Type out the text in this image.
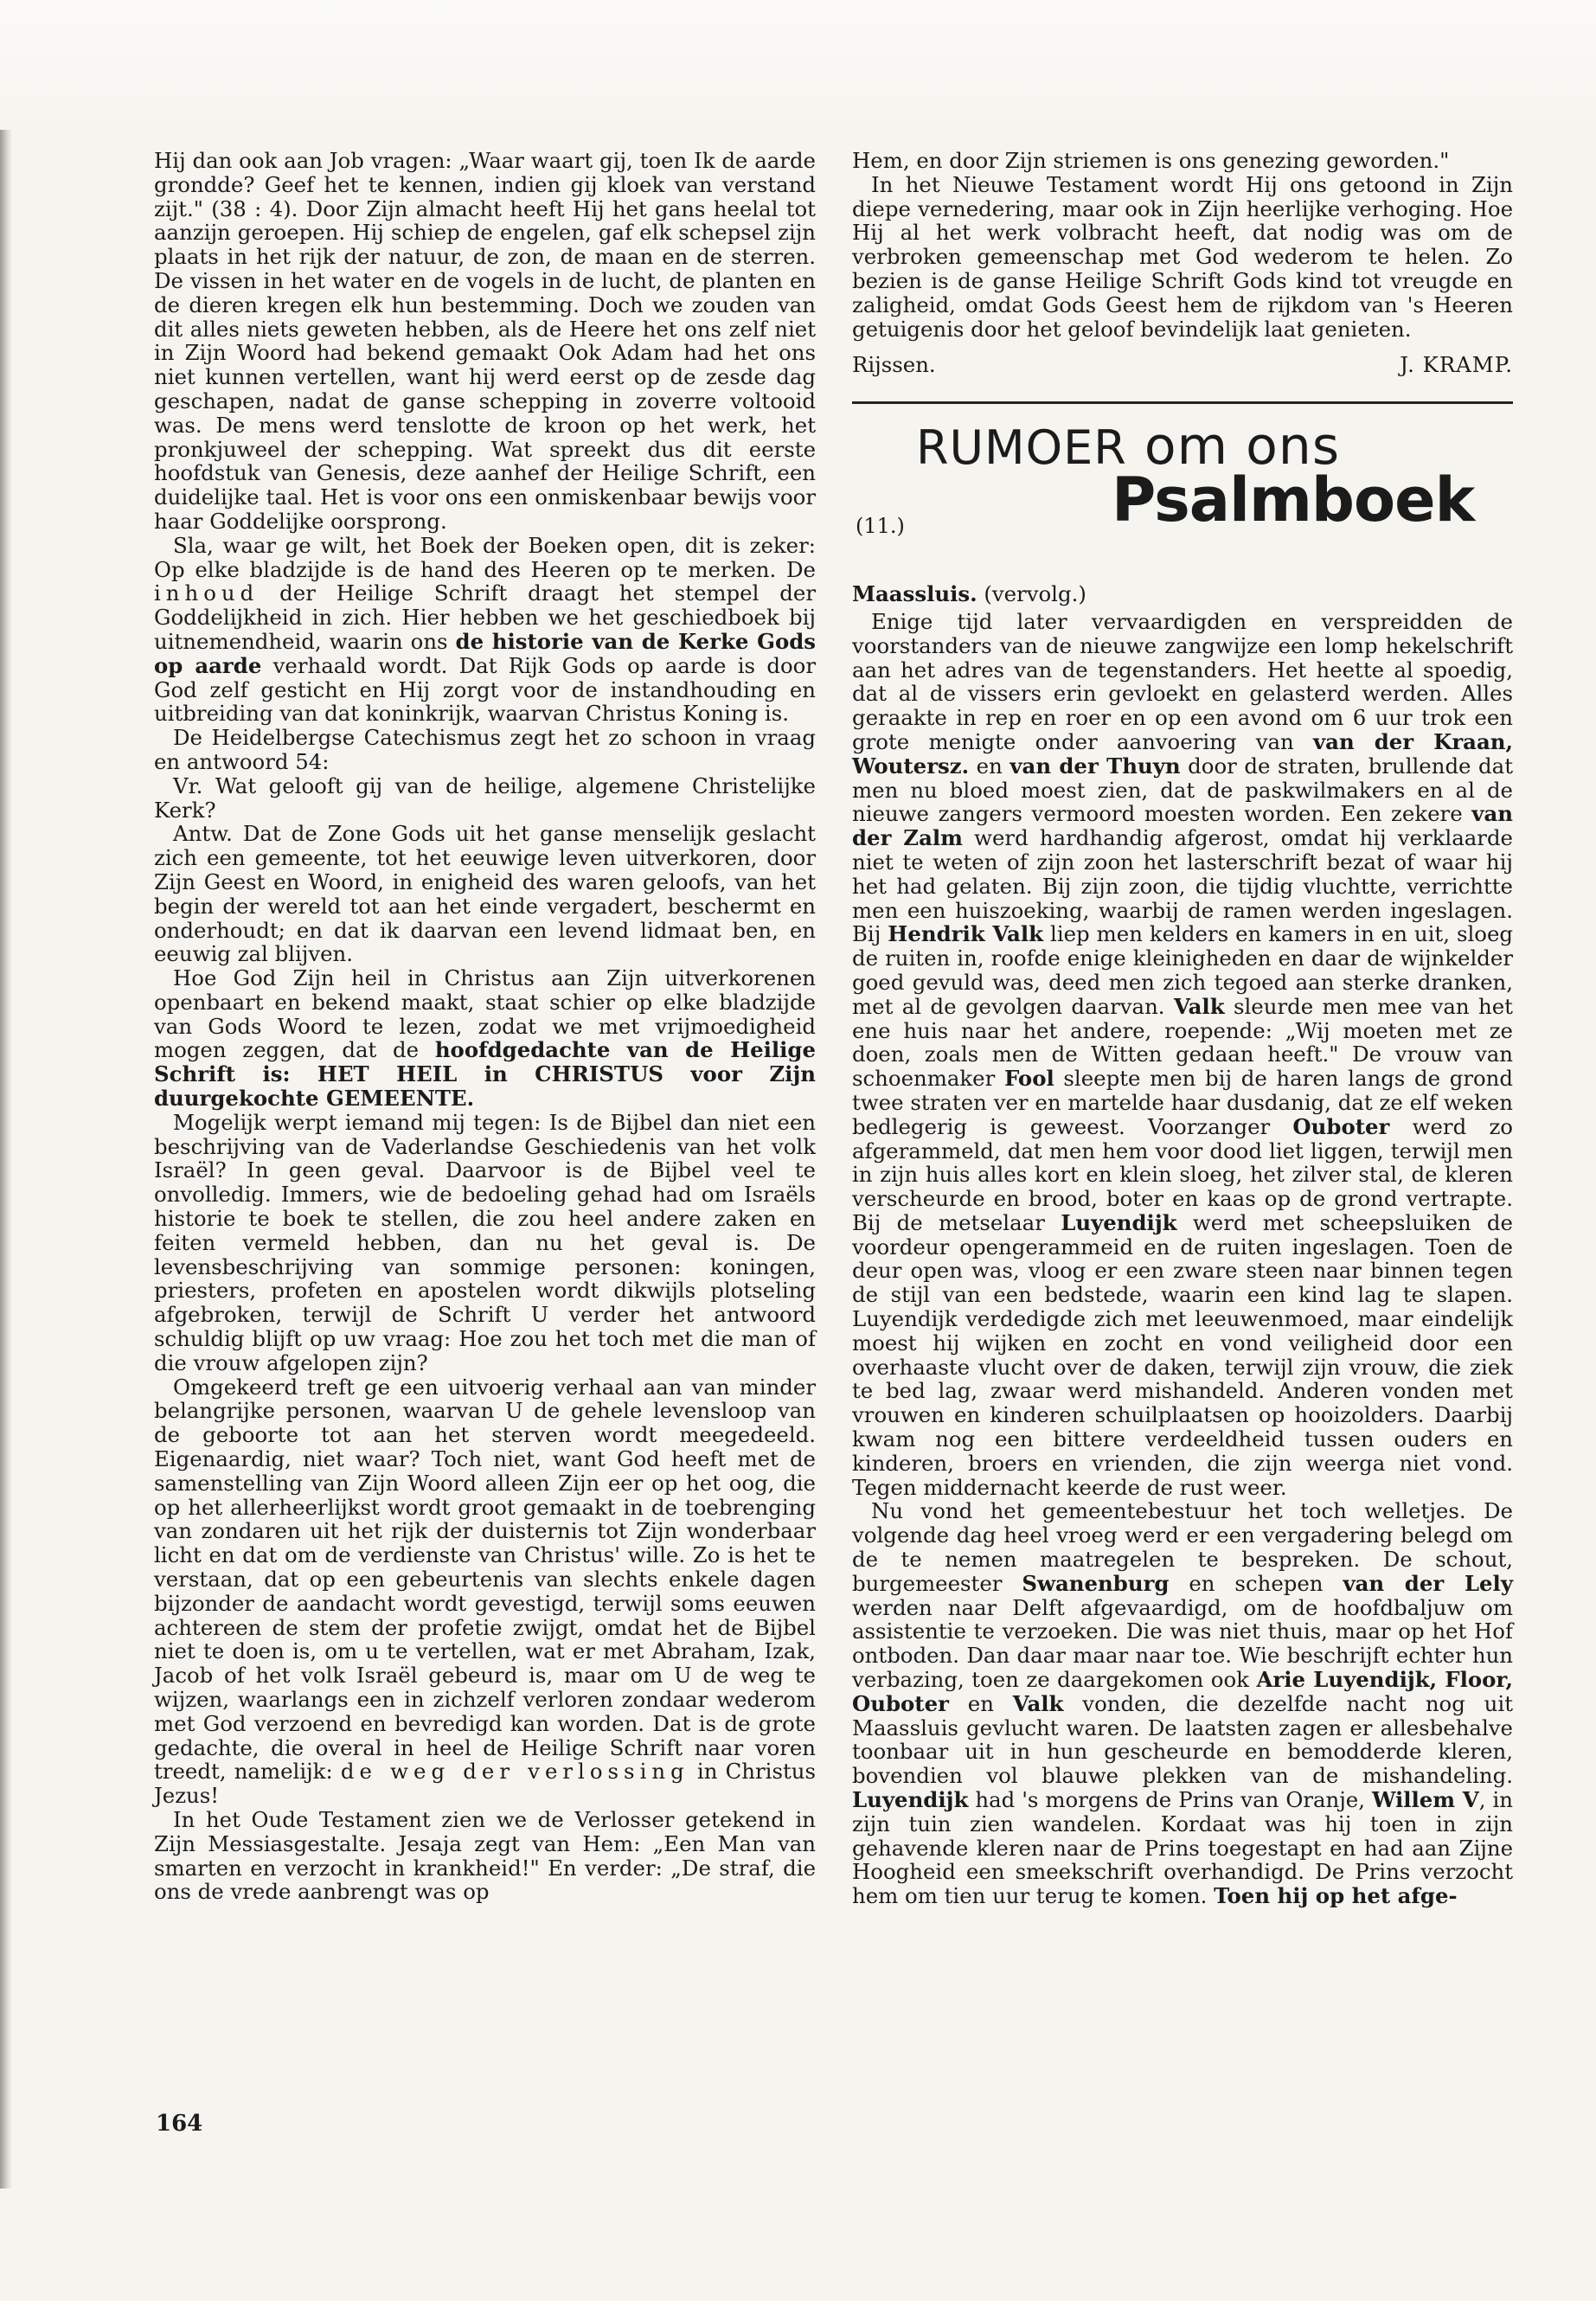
Hij dan ook aan Job vragen: „Waar waart gij, toen Ik de aarde grondde? Geef het te kennen, indien gij kloek van verstand zijt." (38 : 4). Door Zijn almacht heeft Hij het gans heelal tot aanzijn geroepen. Hij schiep de engelen, gaf elk schepsel zijn plaats in het rijk der natuur, de zon, de maan en de sterren. De vissen in het water en de vogels in de lucht, de planten en de dieren kregen elk hun bestemming. Doch we zouden van dit alles niets geweten hebben, als de Heere het ons zelf niet in Zijn Woord had bekend gemaakt Ook Adam had het ons niet kunnen vertellen, want hij werd eerst op de zesde dag geschapen, nadat de ganse schepping in zoverre voltooid was. De mens werd tenslotte de kroon op het werk, het pronkjuweel der schepping. Wat spreekt dus dit eerste hoofdstuk van Genesis, deze aanhef der Heilige Schrift, een duidelijke taal. Het is voor ons een onmiskenbaar bewijs voor haar Goddelijke oorsprong.

Sla, waar ge wilt, het Boek der Boeken open, dit is zeker: Op elke bladzijde is de hand des Heeren op te merken. De inhoud der Heilige Schrift draagt het stempel der Goddelijkheid in zich. Hier hebben we het geschiedboek bij uitnemendheid, waarin ons de historie van de Kerke Gods op aarde verhaald wordt. Dat Rijk Gods op aarde is door God zelf gesticht en Hij zorgt voor de instandhouding en uitbreiding van dat koninkrijk, waarvan Christus Koning is.

De Heidelbergse Catechismus zegt het zo schoon in vraag en antwoord 54:

Vr. Wat gelooft gij van de heilige, algemene Christelijke Kerk?

Antw. Dat de Zone Gods uit het ganse menselijk geslacht zich een gemeente, tot het eeuwige leven uitverkoren, door Zijn Geest en Woord, in enigheid des waren geloofs, van het begin der wereld tot aan het einde vergadert, beschermt en onderhoudt; en dat ik daarvan een levend lidmaat ben, en eeuwig zal blijven.

Hoe God Zijn heil in Christus aan Zijn uitverkorenen openbaart en bekend maakt, staat schier op elke bladzijde van Gods Woord te lezen, zodat we met vrijmoedigheid mogen zeggen, dat de hoofdgedachte van de Heilige Schrift is: HET HEIL in CHRISTUS voor Zijn duurgekochte GEMEENTE.

Mogelijk werpt iemand mij tegen: Is de Bijbel dan niet een beschrijving van de Vaderlandse Geschiedenis van het volk Israël? In geen geval. Daarvoor is de Bijbel veel te onvolledig. Immers, wie de bedoeling gehad had om Israëls historie te boek te stellen, die zou heel andere zaken en feiten vermeld hebben, dan nu het geval is. De levensbeschrijving van sommige personen: koningen, priesters, profeten en apostelen wordt dikwijls plotseling afgebroken, terwijl de Schrift U verder het antwoord schuldig blijft op uw vraag: Hoe zou het toch met die man of die vrouw afgelopen zijn?

Omgekeerd treft ge een uitvoerig verhaal aan van minder belangrijke personen, waarvan U de gehele levensloop van de geboorte tot aan het sterven wordt meegedeeld. Eigenaardig, niet waar? Toch niet, want God heeft met de samenstelling van Zijn Woord alleen Zijn eer op het oog, die op het allerheerlijkst wordt groot gemaakt in de toebrenging van zondaren uit het rijk der duisternis tot Zijn wonderbaar licht en dat om de verdienste van Christus' wille. Zo is het te verstaan, dat op een gebeurtenis van slechts enkele dagen bijzonder de aandacht wordt gevestigd, terwijl soms eeuwen achtereen de stem der profetie zwijgt, omdat het de Bijbel niet te doen is, om u te vertellen, wat er met Abraham, Izak, Jacob of het volk Israël gebeurd is, maar om U de weg te wijzen, waarlangs een in zichzelf verloren zondaar wederom met God verzoend en bevredigd kan worden. Dat is de grote gedachte, die overal in heel de Heilige Schrift naar voren treedt, namelijk: de weg der verlossing in Christus Jezus!

In het Oude Testament zien we de Verlosser getekend in Zijn Messiasgestalte. Jesaja zegt van Hem: „Een Man van smarten en verzocht in krankheid!" En verder: „De straf, die ons de vrede aanbrengt was op

Hem, en door Zijn striemen is ons genezing geworden."

In het Nieuwe Testament wordt Hij ons getoond in Zijn diepe vernedering, maar ook in Zijn heerlijke verhoging. Hoe Hij al het werk volbracht heeft, dat nodig was om de verbroken gemeenschap met God wederom te helen. Zo bezien is de ganse Heilige Schrift Gods kind tot vreugde en zaligheid, omdat Gods Geest hem de rijkdom van 's Heeren getuigenis door het geloof bevindelijk laat genieten.

Rijssen.	J. KRAMP.

RUMOER om ons
(11.)	Psalmboek

Maassluis. (vervolg.)

Enige tijd later vervaardigden en verspreidden de voorstanders van de nieuwe zangwijze een lomp hekelschrift aan het adres van de tegenstanders. Het heette al spoedig, dat al de vissers erin gevloekt en gelasterd werden. Alles geraakte in rep en roer en op een avond om 6 uur trok een grote menigte onder aanvoering van van der Kraan, Woutersz. en van der Thuyn door de straten, brullende dat men nu bloed moest zien, dat de paskwilmakers en al de nieuwe zangers vermoord moesten worden. Een zekere van der Zalm werd hardhandig afgerost, omdat hij verklaarde niet te weten of zijn zoon het lasterschrift bezat of waar hij het had gelaten. Bij zijn zoon, die tijdig vluchtte, verrichtte men een huiszoeking, waarbij de ramen werden ingeslagen. Bij Hendrik Valk liep men kelders en kamers in en uit, sloeg de ruiten in, roofde enige kleinigheden en daar de wijnkelder goed gevuld was, deed men zich tegoed aan sterke dranken, met al de gevolgen daarvan. Valk sleurde men mee van het ene huis naar het andere, roepende: „Wij moeten met ze doen, zoals men de Witten gedaan heeft." De vrouw van schoenmaker Fool sleepte men bij de haren langs de grond twee straten ver en martelde haar dusdanig, dat ze elf weken bedlegerig is geweest. Voorzanger Ouboter werd zo afgerammeld, dat men hem voor dood liet liggen, terwijl men in zijn huis alles kort en klein sloeg, het zilver stal, de kleren verscheurde en brood, boter en kaas op de grond vertrapte. Bij de metselaar Luyendijk werd met scheepsluiken de voordeur opengerammeid en de ruiten ingeslagen. Toen de deur open was, vloog er een zware steen naar binnen tegen de stijl van een bedstede, waarin een kind lag te slapen. Luyendijk verdedigde zich met leeuwenmoed, maar eindelijk moest hij wijken en zocht en vond veiligheid door een overhaaste vlucht over de daken, terwijl zijn vrouw, die ziek te bed lag, zwaar werd mishandeld. Anderen vonden met vrouwen en kinderen schuilplaatsen op hooizolders. Daarbij kwam nog een bittere verdeeldheid tussen ouders en kinderen, broers en vrienden, die zijn weerga niet vond. Tegen middernacht keerde de rust weer.

Nu vond het gemeentebestuur het toch welletjes. De volgende dag heel vroeg werd er een vergadering belegd om de te nemen maatregelen te bespreken. De schout, burgemeester Swanenburg en schepen van der Lely werden naar Delft afgevaardigd, om de hoofdbaljuw om assistentie te verzoeken. Die was niet thuis, maar op het Hof ontboden. Dan daar maar naar toe. Wie beschrijft echter hun verbazing, toen ze daargekomen ook Arie Luyendijk, Floor, Ouboter en Valk vonden, die dezelfde nacht nog uit Maassluis gevlucht waren. De laatsten zagen er allesbehalve toonbaar uit in hun gescheurde en bemodderde kleren, bovendien vol blauwe plekken van de mishandeling. Luyendijk had 's morgens de Prins van Oranje, Willem V, in zijn tuin zien wandelen. Kordaat was hij toen in zijn gehavende kleren naar de Prins toegestapt en had aan Zijne Hoogheid een smeekschrift overhandigd. De Prins verzocht hem om tien uur terug te komen. Toen hij op het afge-

164
